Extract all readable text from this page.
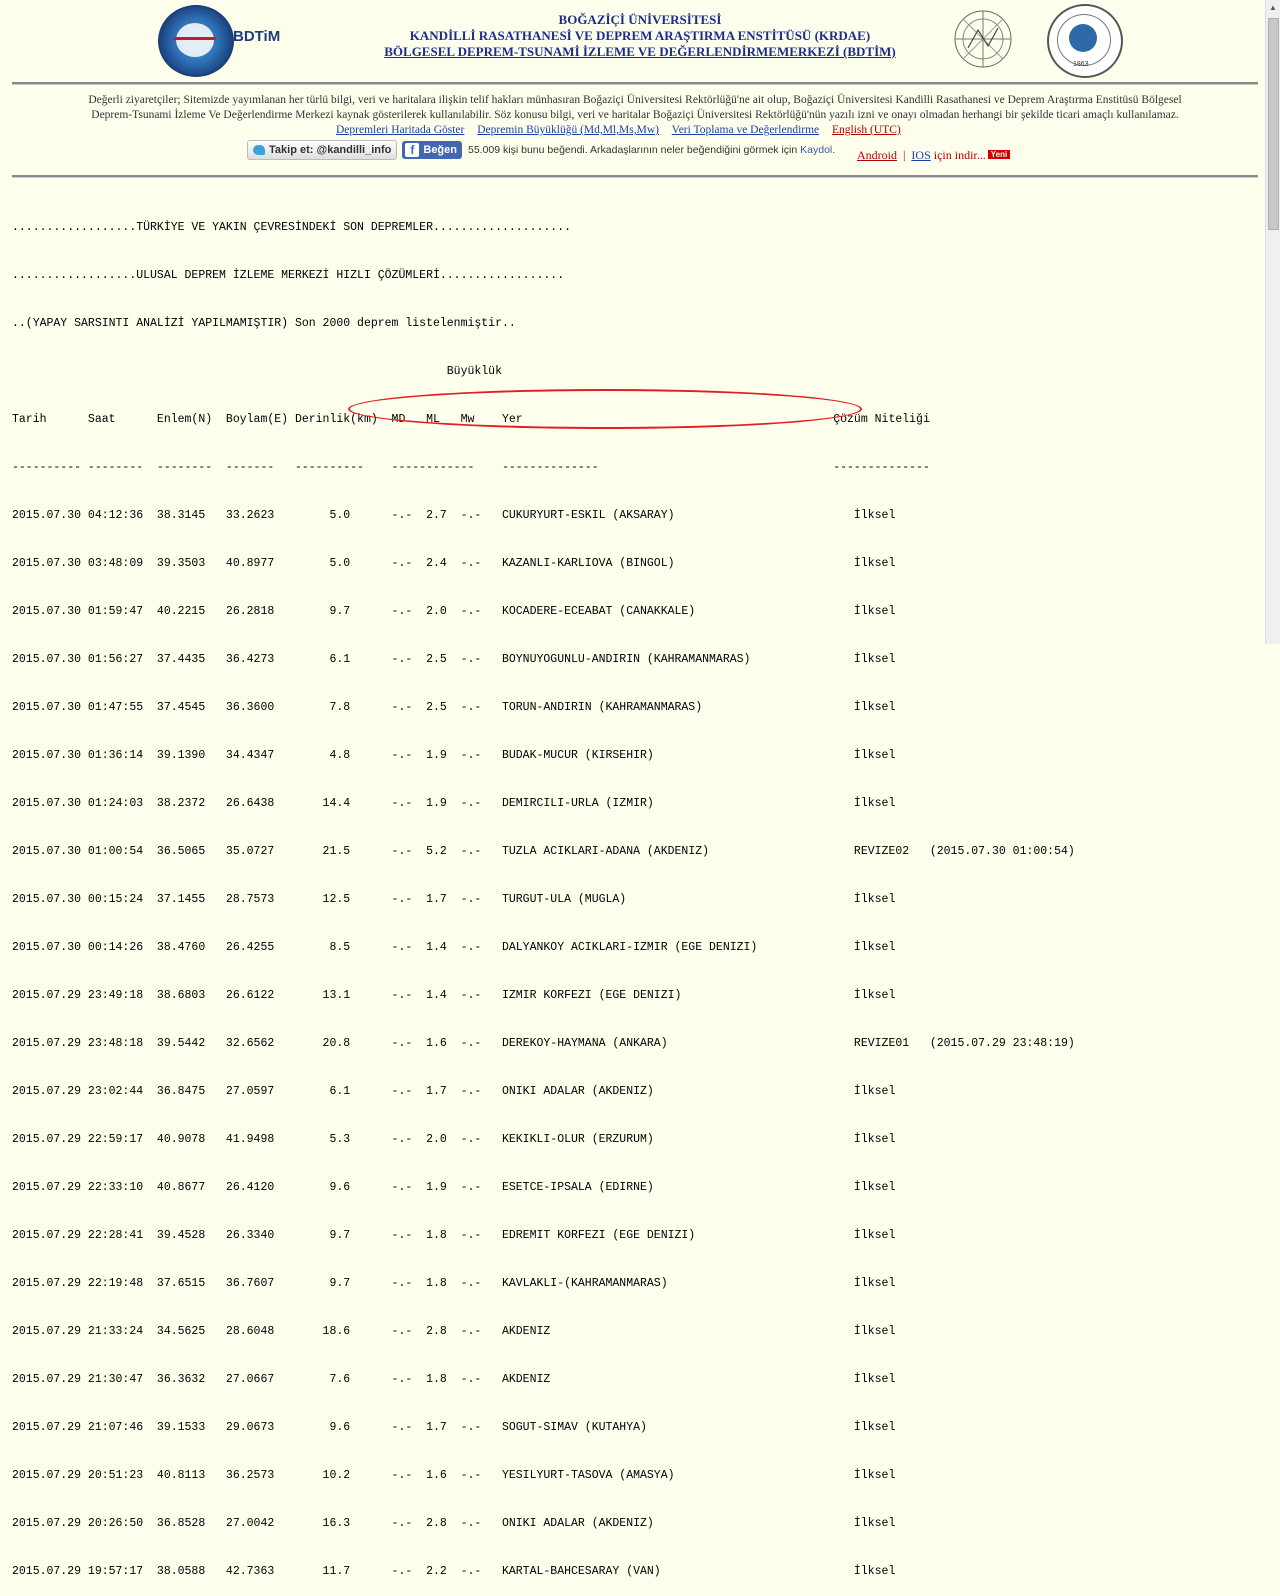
BDTiM
BOĞAZİÇİ ÜNİVERSİTESİ
KANDİLLİ RASATHANESİ VE DEPREM ARAŞTIRMA ENSTİTÜSÜ (KRDAE)
BÖLGESEL DEPREM-TSUNAMİ İZLEME VE DEĞERLENDİRMEMERKEZİ (BDTİM)
1863
Değerli ziyaretçiler; Sitemizde yayımlanan her türlü bilgi, veri ve haritalara ilişkin telif hakları münhasıran Boğaziçi Üniversitesi Rektörlüğü'ne ait olup, Boğaziçi Üniversitesi Kandilli Rasathanesi ve Deprem Araştırma Enstitüsü Bölgesel
Deprem-Tsunami İzleme Ve Değerlendirme Merkezi kaynak gösterilerek kullanılabilir. Söz konusu bilgi, veri ve haritalar Boğaziçi Üniversitesi Rektörlüğü'nün yazılı izni ve onayı olmadan herhangi bir şekilde ticari amaçlı kullanılamaz.
Depremleri Haritada Göster Depremin Büyüklüğü (Md,Ml,Ms,Mw) Veri Toplama ve Değerlendirme English (UTC)
Takip et: @kandilli_info	f Beğen 55.009 kişi bunu beğendi. Arkadaşlarının neler beğendiğini görmek için Kaydol. Android | IOS için indir... Yeni

..................TÜRKİYE VE YAKIN ÇEVRESİNDEKİ SON DEPREMLER....................

..................ULUSAL DEPREM İZLEME MERKEZİ HIZLI ÇÖZÜMLERİ..................

..(YAPAY SARSINTI ANALİZİ YAPILMAMIŞTIR) Son 2000 deprem listelenmiştir..

Büyüklük

Tarih      Saat      Enlem(N)  Boylam(E) Derinlik(km)  MD   ML   Mw    Yer                                             Çözüm Niteliği

---------- --------  --------  -------   ----------    ------------    --------------                                  --------------

2015.07.30 04:12:36  38.3145   33.2623        5.0      -.-  2.7  -.-   CUKURYURT-ESKIL (AKSARAY)                          İlksel

2015.07.30 03:48:09  39.3503   40.8977        5.0      -.-  2.4  -.-   KAZANLI-KARLIOVA (BINGOL)                          İlksel

2015.07.30 01:59:47  40.2215   26.2818        9.7      -.-  2.0  -.-   KOCADERE-ECEABAT (CANAKKALE)                       İlksel

2015.07.30 01:56:27  37.4435   36.4273        6.1      -.-  2.5  -.-   BOYNUYOGUNLU-ANDIRIN (KAHRAMANMARAS)               İlksel

2015.07.30 01:47:55  37.4545   36.3600        7.8      -.-  2.5  -.-   TORUN-ANDIRIN (KAHRAMANMARAS)                      İlksel

2015.07.30 01:36:14  39.1390   34.4347        4.8      -.-  1.9  -.-   BUDAK-MUCUR (KIRSEHIR)                             İlksel

2015.07.30 01:24:03  38.2372   26.6438       14.4      -.-  1.9  -.-   DEMIRCILI-URLA (IZMIR)                             İlksel

2015.07.30 01:00:54  36.5065   35.0727       21.5      -.-  5.2  -.-   TUZLA ACIKLARI-ADANA (AKDENIZ)                     REVIZE02   (2015.07.30 01:00:54)

2015.07.30 00:15:24  37.1455   28.7573       12.5      -.-  1.7  -.-   TURGUT-ULA (MUGLA)                                 İlksel

2015.07.30 00:14:26  38.4760   26.4255        8.5      -.-  1.4  -.-   DALYANKOY ACIKLARI-IZMIR (EGE DENIZI)              İlksel

2015.07.29 23:49:18  38.6803   26.6122       13.1      -.-  1.4  -.-   IZMIR KORFEZI (EGE DENIZI)                         İlksel

2015.07.29 23:48:18  39.5442   32.6562       20.8      -.-  1.6  -.-   DEREKOY-HAYMANA (ANKARA)                           REVIZE01   (2015.07.29 23:48:19)

2015.07.29 23:02:44  36.8475   27.0597        6.1      -.-  1.7  -.-   ONIKI ADALAR (AKDENIZ)                             İlksel

2015.07.29 22:59:17  40.9078   41.9498        5.3      -.-  2.0  -.-   KEKIKLI-OLUR (ERZURUM)                             İlksel

2015.07.29 22:33:10  40.8677   26.4120        9.6      -.-  1.9  -.-   ESETCE-IPSALA (EDIRNE)                             İlksel

2015.07.29 22:28:41  39.4528   26.3340        9.7      -.-  1.8  -.-   EDREMIT KORFEZI (EGE DENIZI)                       İlksel

2015.07.29 22:19:48  37.6515   36.7607        9.7      -.-  1.8  -.-   KAVLAKLI-(KAHRAMANMARAS)                           İlksel

2015.07.29 21:33:24  34.5625   28.6048       18.6      -.-  2.8  -.-   AKDENIZ                                            İlksel

2015.07.29 21:30:47  36.3632   27.0667        7.6      -.-  1.8  -.-   AKDENIZ                                            İlksel

2015.07.29 21:07:46  39.1533   29.0673        9.6      -.-  1.7  -.-   SOGUT-SIMAV (KUTAHYA)                              İlksel

2015.07.29 20:51:23  40.8113   36.2573       10.2      -.-  1.6  -.-   YESILYURT-TASOVA (AMASYA)                          İlksel

2015.07.29 20:26:50  36.8528   27.0042       16.3      -.-  2.8  -.-   ONIKI ADALAR (AKDENIZ)                             İlksel

2015.07.29 19:57:17  38.0588   42.7363       11.7      -.-  2.2  -.-   KARTAL-BAHCESARAY (VAN)                            İlksel

▲
